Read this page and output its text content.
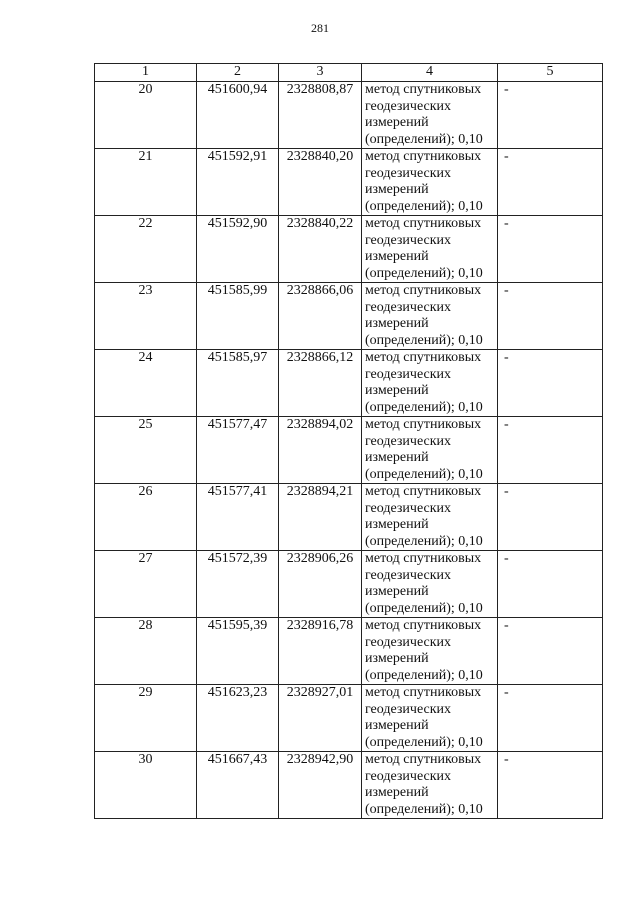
281
1	2	3	4	5
20	451600,94	2328808,87	метод спутниковых
геодезических
измерений
(определений); 0,10	-
21	451592,91	2328840,20	метод спутниковых
геодезических
измерений
(определений); 0,10	-
22	451592,90	2328840,22	метод спутниковых
геодезических
измерений
(определений); 0,10	-
23	451585,99	2328866,06	метод спутниковых
геодезических
измерений
(определений); 0,10	-
24	451585,97	2328866,12	метод спутниковых
геодезических
измерений
(определений); 0,10	-
25	451577,47	2328894,02	метод спутниковых
геодезических
измерений
(определений); 0,10	-
26	451577,41	2328894,21	метод спутниковых
геодезических
измерений
(определений); 0,10	-
27	451572,39	2328906,26	метод спутниковых
геодезических
измерений
(определений); 0,10	-
28	451595,39	2328916,78	метод спутниковых
геодезических
измерений
(определений); 0,10	-
29	451623,23	2328927,01	метод спутниковых
геодезических
измерений
(определений); 0,10	-
30	451667,43	2328942,90	метод спутниковых
геодезических
измерений
(определений); 0,10	-
